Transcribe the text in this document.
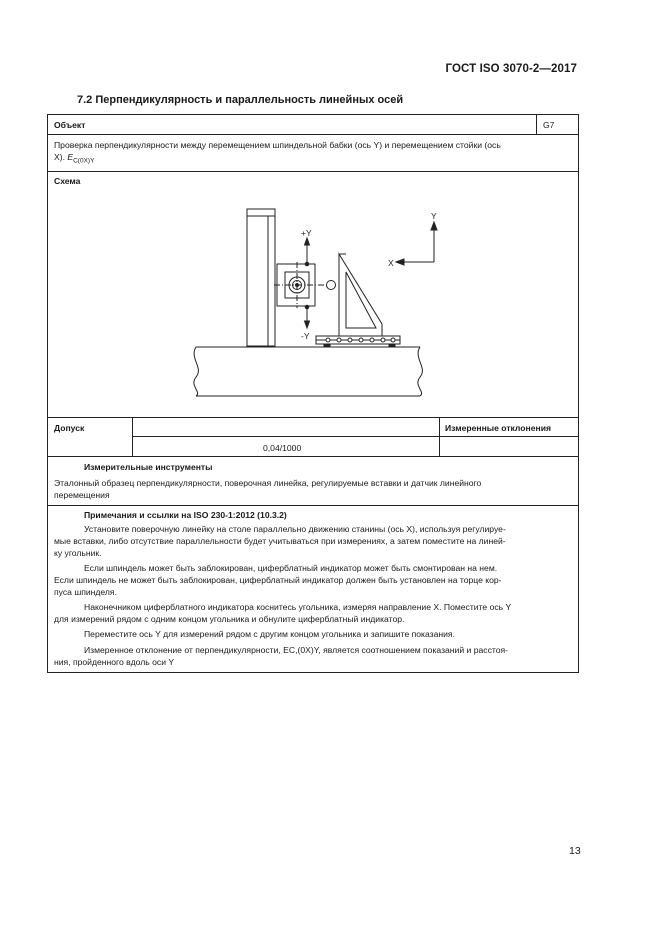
ГОСТ ISO 3070-2—2017
7.2 Перпендикулярность и параллельность линейных осей
Объект	G7
Проверка перпендикулярности между перемещением шпиндельной бабки (ось Y) и перемещением стойки (ось
X). $E_{C(0X)Y}$
Схема
Допуск	Измеренные отклонения
0,04/1000
Измерительные инструменты
Эталонный образец перпендикулярности, поверочная линейка, регулируемые вставки и датчик линейного
перемещения
Примечания и ссылки на ISO 230-1:2012 (10.3.2)
Установите поверочную линейку на столе параллельно движению станины (ось X), используя регулируе-
мые вставки, либо отсутствие параллельности будет учитываться при измерениях, а затем поместите на линей-
ку угольник.
Если шпиндель может быть заблокирован, циферблатный индикатор может быть смонтирован на нем.
Если шпиндель не может быть заблокирован, циферблатный индикатор должен быть установлен на торце кор-
пуса шпинделя.
Наконечником циферблатного индикатора коснитесь угольника, измеряя направление X. Поместите ось Y
для измерений рядом с одним концом угольника и обнулите циферблатный индикатор.
Переместите ось Y для измерений рядом с другим концом угольника и запишите показания.
Измеренное отклонение от перпендикулярности, EC,(0X)Y, является соотношением показаний и расстоя-
ния, пройденного вдоль оси Y
+Y
-Y
Y
X
13
